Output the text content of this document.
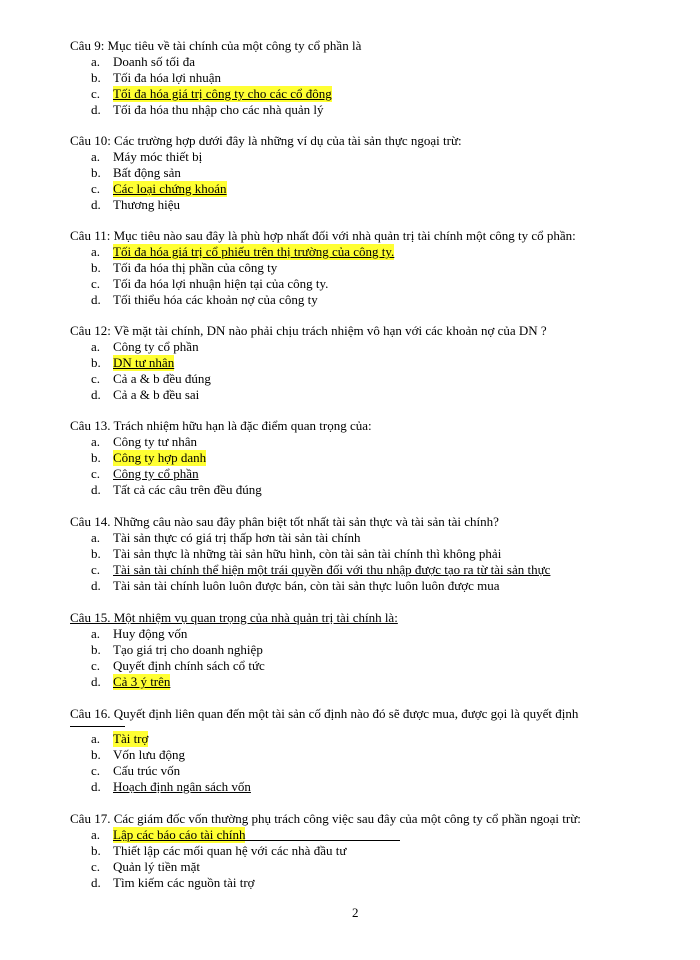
Câu 9: Mục tiêu về tài chính của một công ty cổ phần là
a. Doanh số tối đa
b. Tối đa hóa lợi nhuận
c. Tối đa hóa giá trị công ty cho các cổ đông
d. Tối đa hóa thu nhập cho các nhà quản lý
Câu 10: Các trường hợp dưới đây là những ví dụ của tài sản thực ngoại trừ:
a. Máy móc thiết bị
b. Bất động sản
c. Các loại chứng khoán
d. Thương hiệu
Câu 11: Mục tiêu nào sau đây là phù hợp nhất đối với nhà quản trị tài chính một công ty cổ phần:
a. Tối đa hóa giá trị cổ phiếu trên thị trường của công ty.
b. Tối đa hóa thị phần của công ty
c. Tối đa hóa lợi nhuận hiện tại của công ty.
d. Tối thiểu hóa các khoản nợ của công ty
Câu 12: Về mặt tài chính, DN nào phải chịu trách nhiệm vô hạn với các khoản nợ của DN ?
a. Công ty cổ phần
b. DN tư nhân
c. Cả a & b đều đúng
d. Cả a & b đều sai
Câu 13. Trách nhiệm hữu hạn là đặc điểm quan trọng của:
a. Công ty tư nhân
b. Công ty hợp danh
c. Công ty cổ phần
d. Tất cả các câu trên đều đúng
Câu 14. Những câu nào sau đây phân biệt tốt nhất tài sản thực và tài sản tài chính?
a. Tài sản thực có giá trị thấp hơn tài sản tài chính
b. Tài sản thực là những tài sản hữu hình, còn tài sản tài chính thì không phải
c. Tài sản tài chính thể hiện một trái quyền đối với thu nhập được tạo ra từ tài sản thực
d. Tài sản tài chính luôn luôn được bán, còn tài sản thực luôn luôn được mua
Câu 15. Một nhiệm vụ quan trọng của nhà quản trị tài chính là:
a. Huy động vốn
b. Tạo giá trị cho doanh nghiệp
c. Quyết định chính sách cổ tức
d. Cả 3 ý trên
Câu 16. Quyết định liên quan đến một tài sản cố định nào đó sẽ được mua, được gọi là quyết định
a. Tài trợ
b. Vốn lưu động
c. Cấu trúc vốn
d. Hoạch định ngân sách vốn
Câu 17. Các giám đốc vốn thường phụ trách công việc sau đây của một công ty cổ phần ngoại trừ:
a. Lập các báo cáo tài chính
b. Thiết lập các mối quan hệ với các nhà đầu tư
c. Quản lý tiền mặt
d. Tìm kiếm các nguồn tài trợ
2
